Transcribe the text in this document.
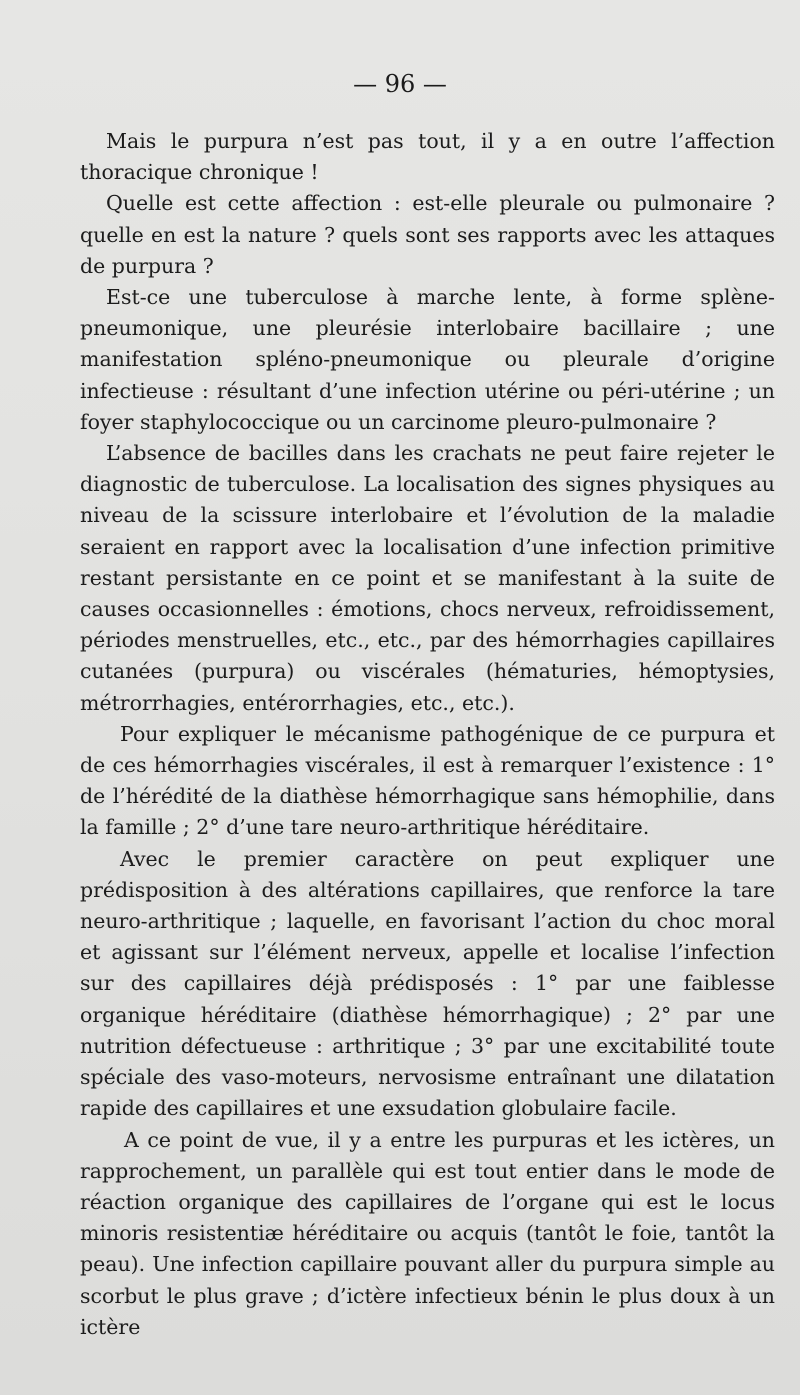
— 96 —

Mais le purpura n’est pas tout, il y a en outre l’affection thoracique chronique !

Quelle est cette affection : est-elle pleurale ou pulmonaire ? quelle en est la nature ? quels sont ses rapports avec les attaques de purpura ?

Est-ce une tuberculose à marche lente, à forme splène-pneumonique, une pleurésie interlobaire bacillaire ; une manifestation spléno-pneumonique ou pleurale d’origine infectieuse : résultant d’une infection utérine ou péri-utérine ; un foyer staphylococcique ou un carcinome pleuro-pulmonaire ?

L’absence de bacilles dans les crachats ne peut faire rejeter le diagnostic de tuberculose. La localisation des signes physiques au niveau de la scissure interlobaire et l’évolution de la maladie seraient en rapport avec la localisation d’une infection primitive restant persistante en ce point et se manifestant à la suite de causes occasionnelles : émotions, chocs nerveux, refroidissement, périodes menstruelles, etc., etc., par des hémorrhagies capillaires cutanées (purpura) ou viscérales (hématuries, hémoptysies, métrorrhagies, entérorrhagies, etc., etc.).

Pour expliquer le mécanisme pathogénique de ce purpura et de ces hémorrhagies viscérales, il est à remarquer l’existence : 1° de l’hérédité de la diathèse hémorrhagique sans hémophilie, dans la famille ; 2° d’une tare neuro-arthritique héréditaire.

Avec le premier caractère on peut expliquer une prédisposition à des altérations capillaires, que renforce la tare neuro-arthritique ; laquelle, en favorisant l’action du choc moral et agissant sur l’élément nerveux, appelle et localise l’infection sur des capillaires déjà prédisposés : 1° par une faiblesse organique héréditaire (diathèse hémorrhagique) ; 2° par une nutrition défectueuse : arthritique ; 3° par une excitabilité toute spéciale des vaso-moteurs, nervosisme entraînant une dilatation rapide des capillaires et une exsudation globulaire facile.

A ce point de vue, il y a entre les purpuras et les ictères, un rapprochement, un parallèle qui est tout entier dans le mode de réaction organique des capillaires de l’organe qui est le locus minoris resistentiæ héréditaire ou acquis (tantôt le foie, tantôt la peau). Une infection capillaire pouvant aller du purpura simple au scorbut le plus grave ; d’ictère infectieux bénin le plus doux à un ictère
